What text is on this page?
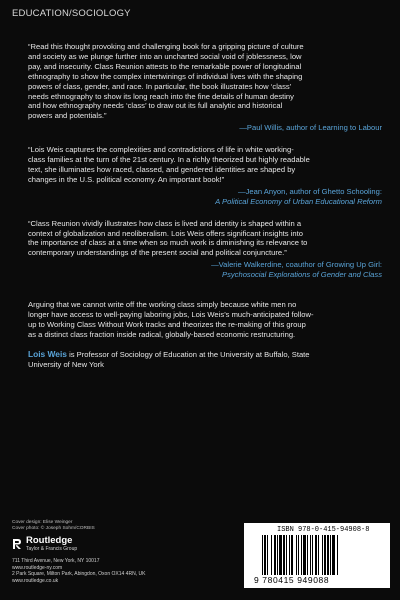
EDUCATION/SOCIOLOGY
“Read this thought provoking and challenging book for a gripping picture of culture
and society as we plunge further into an uncharted social void of joblessness, low
pay, and insecurity. Class Reunion attests to the remarkable power of longitudinal
ethnography to show the complex intertwinings of individual lives with the shaping
powers of class, gender, and race. In particular, the book illustrates how ‘class’
needs ethnography to show its long reach into the fine details of human destiny
and how ethnography needs ‘class’ to draw out its full analytic and historical
powers and potentials.”
—Paul Willis, author of Learning to Labour
“Lois Weis captures the complexities and contradictions of life in white working-
class families at the turn of the 21st century. In a richly theorized but highly readable
text, she illuminates how raced, classed, and gendered identities are shaped by
changes in the U.S. political economy. An important book!”
—Jean Anyon, author of Ghetto Schooling:
A Political Economy of Urban Educational Reform
“Class Reunion vividly illustrates how class is lived and identity is shaped within a
context of globalization and neoliberalism. Lois Weis offers significant insights into
the importance of class at a time when so much work is diminishing its relevance to
contemporary understandings of the present social and political conjuncture.”
—Valerie Walkerdine, coauthor of Growing Up Girl:
Psychosocial Explorations of Gender and Class
Arguing that we cannot write off the working class simply because white men no
longer have access to well-paying laboring jobs, Lois Weis’s much-anticipated follow-
up to Working Class Without Work tracks and theorizes the re-making of this group
as a distinct class fraction inside radical, globally-based economic restructuring.
Lois Weis is Professor of Sociology of Education at the University at Buffalo, State
University of New York
Cover design: Elise Weinger
Cover photo: © Joseph Sohm/CORBIS
Routledge
Taylor & Francis Group
711 Third Avenue, New York, NY 10017
www.routledge-ny.com
2 Park Square, Milton Park, Abingdon, Oxon OX14 4RN, UK
www.routledge.co.uk
ISBN 978-0-415-94908-8
9 780415 949088
